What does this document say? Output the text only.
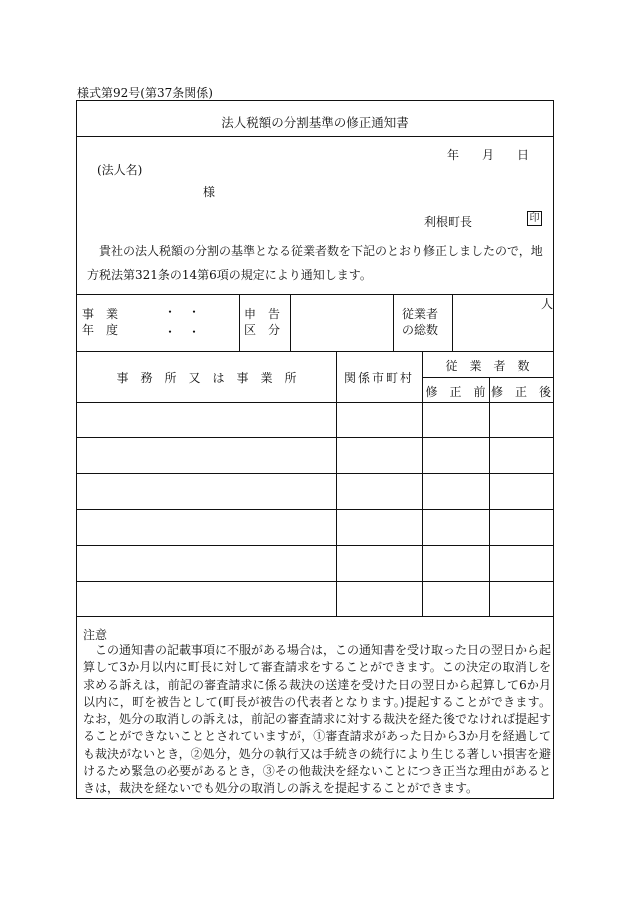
様式第92号(第37条関係)
法人税額の分割基準の修正通知書
年 月 日
(法人名)
様
利根町長	印

貴社の法人税額の分割の基準となる従業者数を下記のとおり修正しましたので，地方税法第321条の14第6項の規定により通知します。

事　業
年　度
・　・
・　・
申　告
区　分
従業者
の総数
人
事　務　所　又　は　事　業　所	関係市町村
従　業　者　数
修　正　前 修　正　後
注意

この通知書の記載事項に不服がある場合は，この通知書を受け取った日の翌日から起算して3か月以内に町長に対して審査請求をすることができます。この決定の取消しを求める訴えは，前記の審査請求に係る裁決の送達を受けた日の翌日から起算して6か月以内に，町を被告として(町長が被告の代表者となります。)提起することができます。なお，処分の取消しの訴えは，前記の審査請求に対する裁決を経た後でなければ提起することができないこととされていますが，①審査請求があった日から3か月を経過しても裁決がないとき，②処分，処分の執行又は手続きの続行により生じる著しい損害を避けるため緊急の必要があるとき，③その他裁決を経ないことにつき正当な理由があるときは，裁決を経ないでも処分の取消しの訴えを提起することができます。
